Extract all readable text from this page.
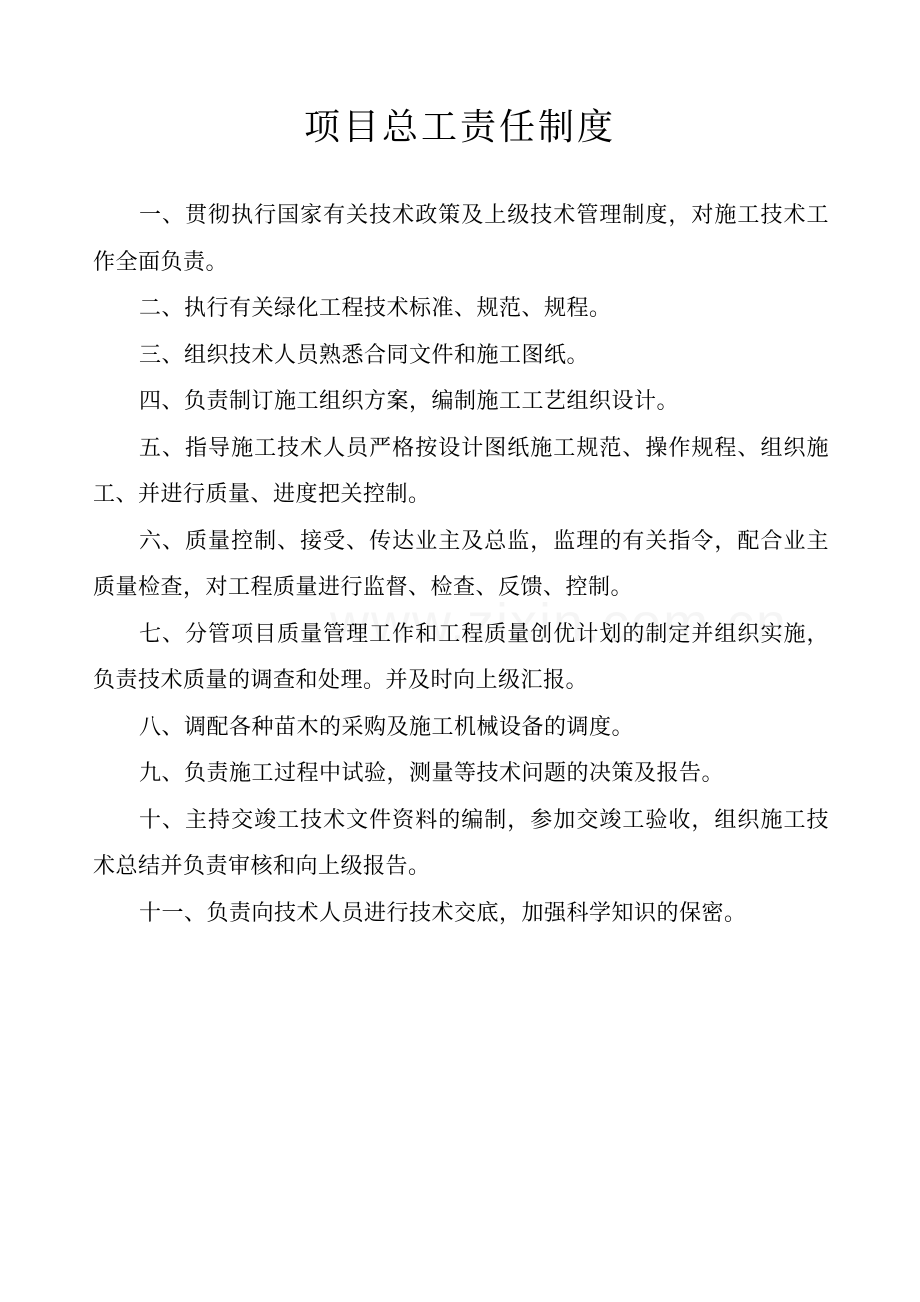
项目总工责任制度

一、贯彻执行国家有关技术政策及上级技术管理制度，对施工技术工作全面负责。

二、执行有关绿化工程技术标准、规范、规程。

三、组织技术人员熟悉合同文件和施工图纸。

四、负责制订施工组织方案，编制施工工艺组织设计。

五、指导施工技术人员严格按设计图纸施工规范、操作规程、组织施工、并进行质量、进度把关控制。

六、质量控制、接受、传达业主及总监，监理的有关指令，配合业主质量检查，对工程质量进行监督、检查、反馈、控制。

七、分管项目质量管理工作和工程质量创优计划的制定并组织实施，负责技术质量的调查和处理。并及时向上级汇报。

八、调配各种苗木的采购及施工机械设备的调度。

九、负责施工过程中试验，测量等技术问题的决策及报告。

十、主持交竣工技术文件资料的编制，参加交竣工验收，组织施工技术总结并负责审核和向上级报告。

十一、负责向技术人员进行技术交底，加强科学知识的保密。
